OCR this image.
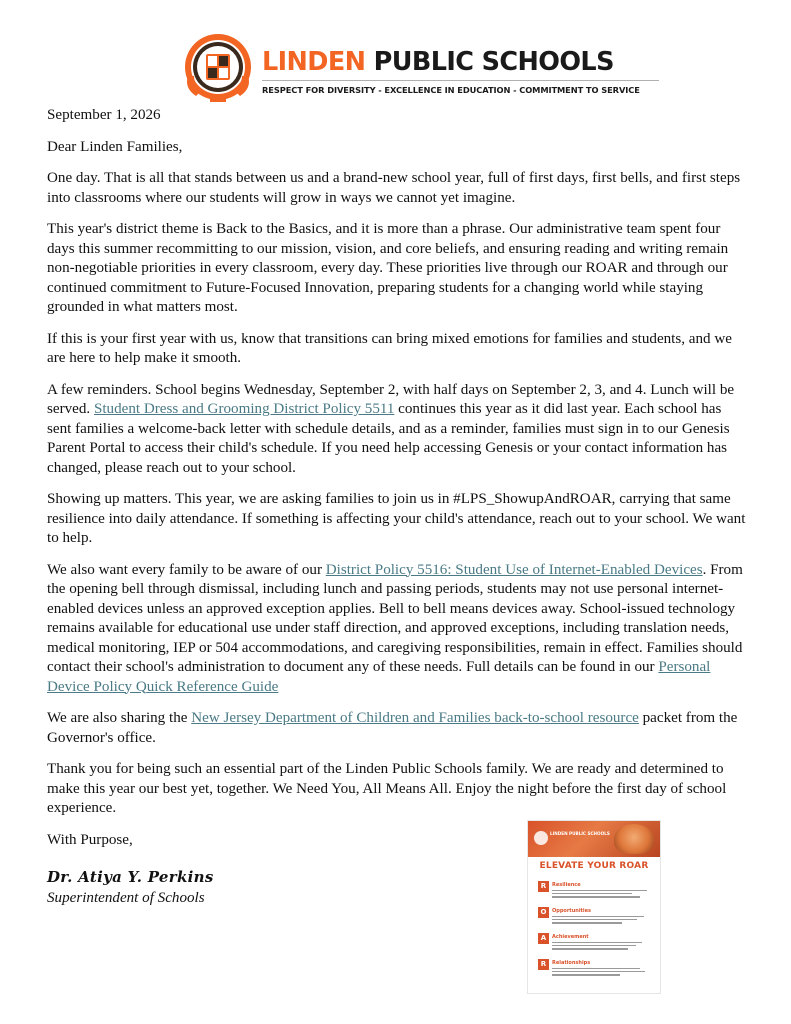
LINDEN PUBLIC SCHOOLS
RESPECT FOR DIVERSITY - EXCELLENCE IN EDUCATION - COMMITMENT TO SERVICE

September 1, 2026

Dear Linden Families,

One day. That is all that stands between us and a brand-new school year, full of first days, first bells, and first steps into classrooms where our students will grow in ways we cannot yet imagine.

This year's district theme is Back to the Basics, and it is more than a phrase. Our administrative team spent four days this summer recommitting to our mission, vision, and core beliefs, and ensuring reading and writing remain non-negotiable priorities in every classroom, every day. These priorities live through our ROAR and through our continued commitment to Future-Focused Innovation, preparing students for a changing world while staying grounded in what matters most.

If this is your first year with us, know that transitions can bring mixed emotions for families and students, and we are here to help make it smooth.

A few reminders. School begins Wednesday, September 2, with half days on September 2, 3, and 4. Lunch will be served. Student Dress and Grooming District Policy 5511 continues this year as it did last year. Each school has sent families a welcome-back letter with schedule details, and as a reminder, families must sign in to our Genesis Parent Portal to access their child's schedule. If you need help accessing Genesis or your contact information has changed, please reach out to your school.

Showing up matters. This year, we are asking families to join us in #LPS_ShowupAndROAR, carrying that same resilience into daily attendance. If something is affecting your child's attendance, reach out to your school. We want to help.

We also want every family to be aware of our District Policy 5516: Student Use of Internet-Enabled Devices. From the opening bell through dismissal, including lunch and passing periods, students may not use personal internet-enabled devices unless an approved exception applies. Bell to bell means devices away. School-issued technology remains available for educational use under staff direction, and approved exceptions, including translation needs, medical monitoring, IEP or 504 accommodations, and caregiving responsibilities, remain in effect. Families should contact their school's administration to document any of these needs. Full details can be found in our Personal Device Policy Quick Reference Guide

We are also sharing the New Jersey Department of Children and Families back-to-school resource packet from the Governor's office.

Thank you for being such an essential part of the Linden Public Schools family. We are ready and determined to make this year our best yet, together. We Need You, All Means All. Enjoy the night before the first day of school experience.

With Purpose,
Dr. Atiya Y. Perkins
Superintendent of Schools
LINDEN PUBLIC SCHOOLS
ELEVATE YOUR ROAR
R	Resilience
O	Opportunities
A	Achievement
R	Relationships
